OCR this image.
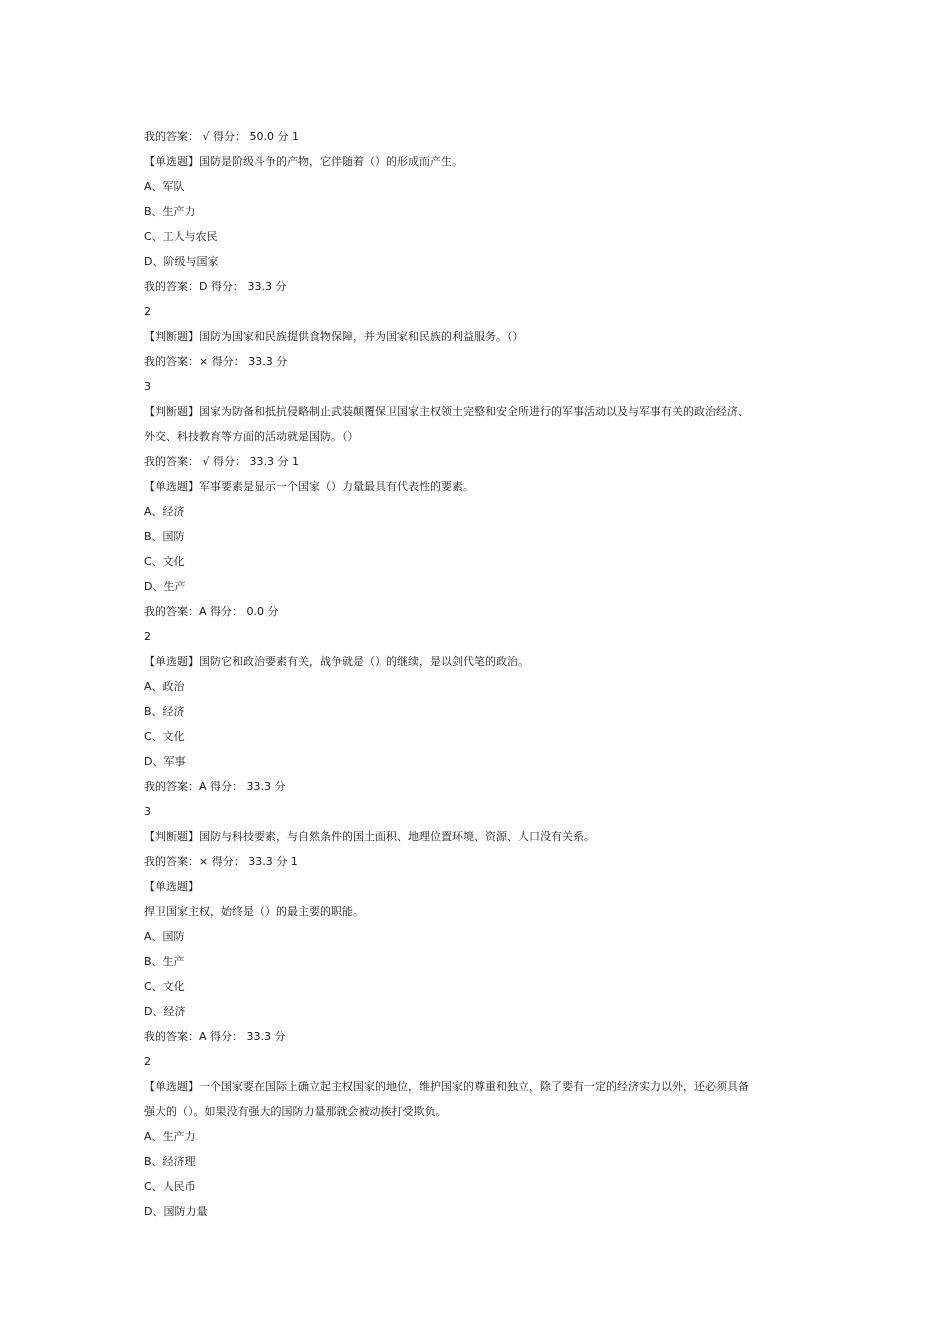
我的答案： √ 得分： 50.0 分 1
【单选题】国防是阶级斗争的产物，它伴随着（）的形成而产生。
A、军队
B、生产力
C、工人与农民
D、阶级与国家
我的答案：D 得分： 33.3 分
2
【判断题】国防为国家和民族提供食物保障，并为国家和民族的利益服务。（）
我的答案：× 得分： 33.3 分
3
【判断题】国家为防备和抵抗侵略制止武装颠覆保卫国家主权领土完整和安全所进行的军事活动以及与军事有关的政治经济、
外交、科技教育等方面的活动就是国防。（）
我的答案： √ 得分： 33.3 分 1
【单选题】军事要素是显示一个国家（）力量最具有代表性的要素。
A、经济
B、国防
C、文化
D、生产
我的答案：A 得分： 0.0 分
2
【单选题】国防它和政治要素有关，战争就是（）的继续，是以剑代笔的政治。
A、政治
B、经济
C、文化
D、军事
我的答案：A 得分： 33.3 分
3
【判断题】国防与科技要素，与自然条件的国土面积、地理位置环境、资源、人口没有关系。
我的答案：× 得分： 33.3 分 1
【单选题】
捍卫国家主权，始终是（）的最主要的职能。
A、国防
B、生产
C、文化
D、经济
我的答案：A 得分： 33.3 分
2
【单选题】一个国家要在国际上确立起主权国家的地位，维护国家的尊重和独立，除了要有一定的经济实力以外，还必须具备
强大的（）。如果没有强大的国防力量那就会被动挨打受欺负。
A、生产力
B、经济理
C、人民币
D、国防力量
